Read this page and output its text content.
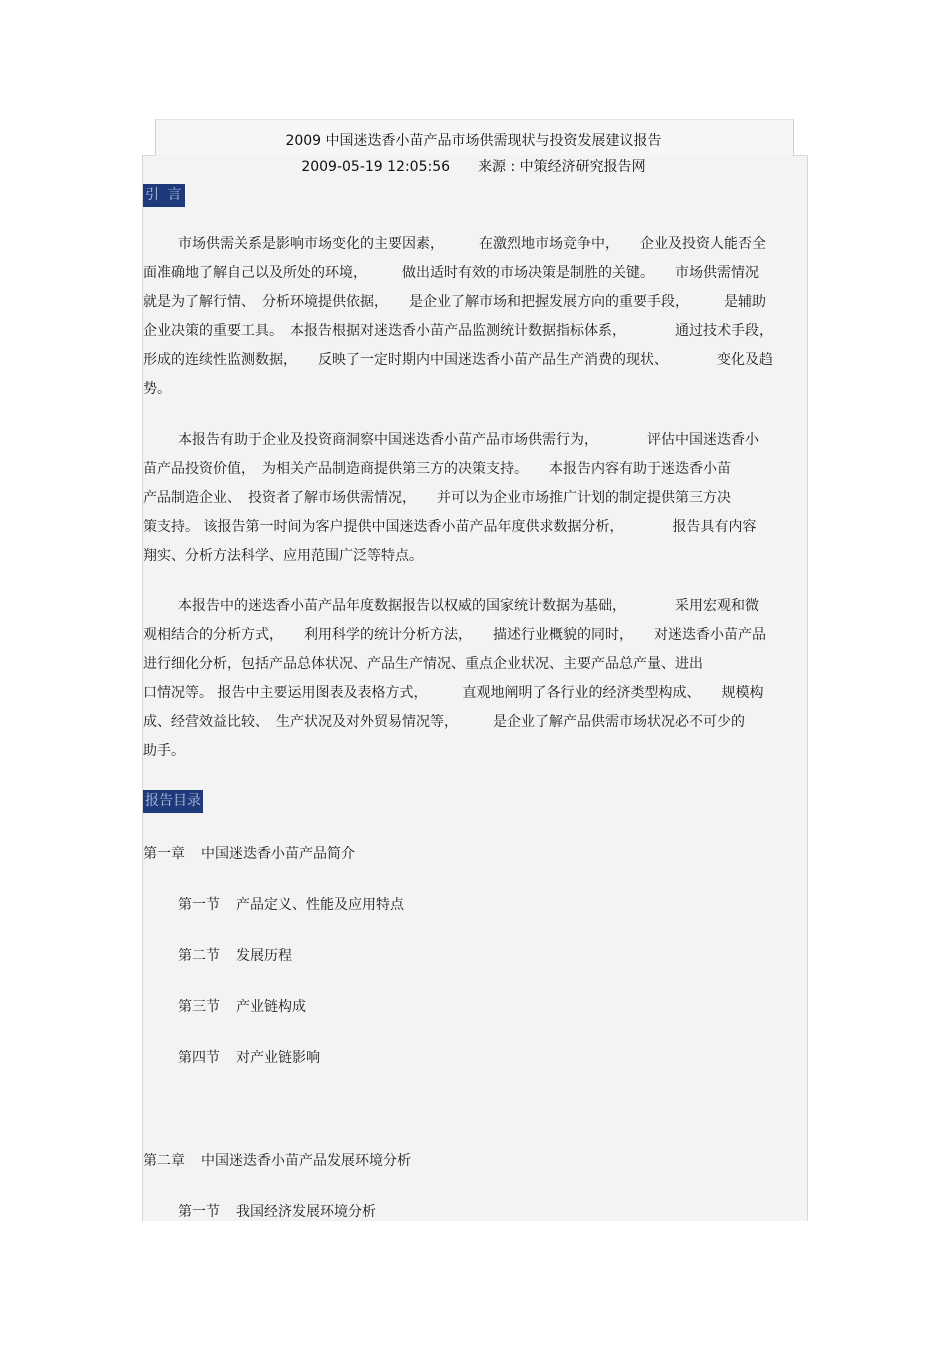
2009 中国迷迭香小苗产品市场供需现状与投资发展建议报告
2009-05-19 12:05:56 来源 : 中策经济研究报告网
引 言
市场供需关系是影响市场变化的主要因素，　　　在激烈地市场竞争中，　　企业及投资人能否全
面准确地了解自己以及所处的环境，　　　做出适时有效的市场决策是制胜的关键。　　市场供需情况
就是为了解行情、　分析环境提供依据，　　是企业了解市场和把握发展方向的重要手段，　　　是辅助
企业决策的重要工具。　本报告根据对迷迭香小苗产品监测统计数据指标体系，　　　　通过技术手段，
形成的连续性监测数据，　　反映了一定时期内中国迷迭香小苗产品生产消费的现状、　　　　变化及趋
势。
本报告有助于企业及投资商洞察中国迷迭香小苗产品市场供需行为，　　　　评估中国迷迭香小
苗产品投资价值，　为相关产品制造商提供第三方的决策支持。　　本报告内容有助于迷迭香小苗
产品制造企业、　投资者了解市场供需情况，　　并可以为企业市场推广计划的制定提供第三方决
策支持。 该报告第一时间为客户提供中国迷迭香小苗产品年度供求数据分析，　　　　报告具有内容
翔实、分析方法科学、应用范围广泛等特点。
本报告中的迷迭香小苗产品年度数据报告以权威的国家统计数据为基础，　　　　采用宏观和微
观相结合的分析方式，　　利用科学的统计分析方法，　　描述行业概貌的同时，　　对迷迭香小苗产品
进行细化分析，包括产品总体状况、产品生产情况、重点企业状况、主要产品总产量、进出
口情况等。 报告中主要运用图表及表格方式，　　　直观地阐明了各行业的经济类型构成、　　规模构
成、经营效益比较、　生产状况及对外贸易情况等，　　　是企业了解产品供需市场状况必不可少的
助手。
报告目录
第一章 中国迷迭香小苗产品简介
第一节 产品定义、性能及应用特点
第二节 发展历程
第三节 产业链构成
第四节 对产业链影响
第二章 中国迷迭香小苗产品发展环境分析
第一节 我国经济发展环境分析
